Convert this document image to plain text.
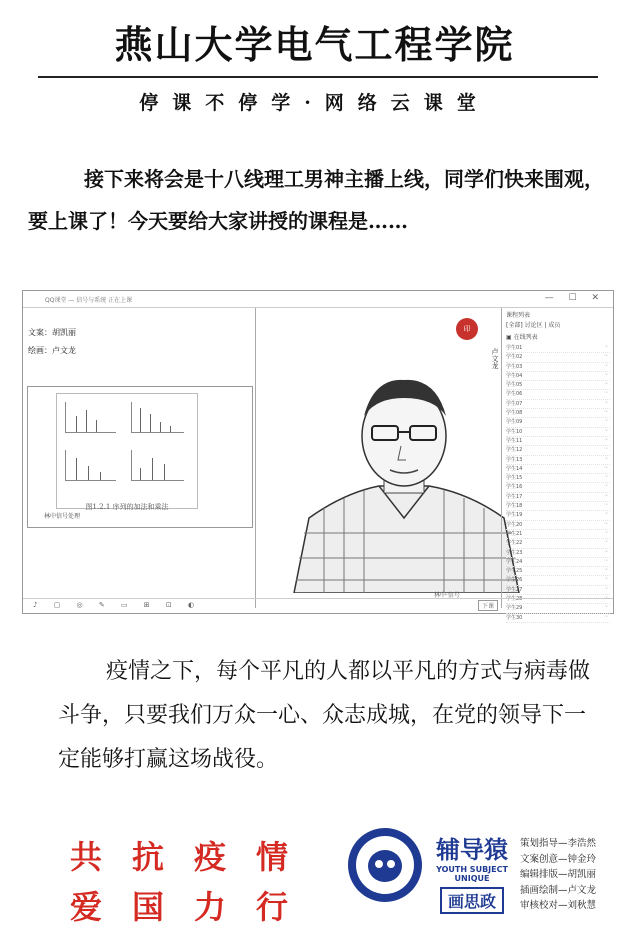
燕山大学电气工程学院
停课不停学·网络云课堂
接下来将会是十八线理工男神主播上线，同学们快来围观，要上课了！今天要给大家讲授的课程是……
QQ课堂 — 信号与系统 正在上课	— ☐ ✕
文案：胡凯丽
绘画：卢文龙
图1.2.1 序列的加法和乘法
林中信号处理
印
卢文龙
林中·信号
课程列表
[全部] 讨论区 | 成员
▣ 在线列表
学生01	◦
学生02	◦
学生03	◦
学生04	◦
学生05	◦
学生06	◦
学生07	◦
学生08	◦
学生09	◦
学生10	◦
学生11	◦
学生12	◦
学生13	◦
学生14	◦
学生15	◦
学生16	◦
学生17	◦
学生18	◦
学生19	◦
学生20	◦
学生21	◦
学生22	◦
学生23	◦
学生24	◦
学生25	◦
学生26	◦
学生27	◦
学生28	◦
学生29	◦
学生30	◦
♪ ▢ ◎ ✎ ▭ ⊞ ⊡ ◐	下课
疫情之下，每个平凡的人都以平凡的方式与病毒做斗争，只要我们万众一心、众志成城，在党的领导下一定能够打赢这场战役。
共抗疫情
爱国力行
辅导猿
YOUTH SUBJECT UNIQUE
画思政
策划指导—李浩然
文案创意—钟金玲
编辑排版—胡凯丽
插画绘制—卢文龙
审核校对—刘秋慧
